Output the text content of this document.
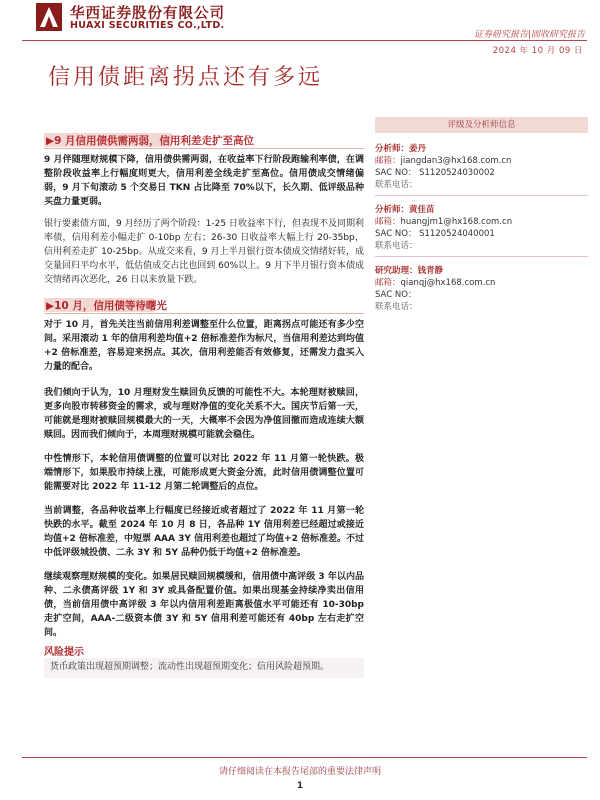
华西证券股份有限公司
HUAXI SECURITIES CO.,LTD.
证券研究报告|固收研究报告
2024 年 10 月 09 日
信用债距离拐点还有多远
▶9 月信用债供需两弱，信用利差走扩至高位

9 月伴随理财规模下降，信用债供需两弱，在收益率下行阶段跑输利率债，在调整阶段收益率上行幅度则更大，信用利差全线走扩至高位。信用债成交情绪偏弱，9 月下旬滚动 5 个交易日 TKN 占比降至 70%以下，长久期、低评级品种买盘力量更弱。

银行要素债方面，9 月经历了两个阶段：1-25 日收益率下行，但表现不及同期利率债，信用利差小幅走扩 0-10bp 左右；26-30 日收益率大幅上行 20-35bp，信用利差走扩 10-25bp。从成交来看，9 月上半月银行资本债成交情绪好转，成交量回归平均水平，低估值成交占比也回到 60%以上。9 月下半月银行资本债成交情绪再次恶化，26 日以来放量下跌。

▶10 月，信用债等待曙光

对于 10 月，首先关注当前信用利差调整至什么位置，距离拐点可能还有多少空间。采用滚动 1 年的信用利差均值+2 倍标准差作为标尺，当信用利差达到均值+2 倍标准差，容易迎来拐点。其次，信用利差能否有效修复，还需发力盘买入力量的配合。

我们倾向于认为，10 月理财发生赎回负反馈的可能性不大。本轮理财被赎回，更多向股市转移资金的需求，或与理财净值的变化关系不大。国庆节后第一天，可能就是理财被赎回规模最大的一天，大概率不会因为净值回撤而造成连续大额赎回。因而我们倾向于，本周理财规模可能就会稳住。

中性情形下，本轮信用债调整的位置可以对比 2022 年 11 月第一轮快跌。极端情形下，如果股市持续上涨，可能形成更大资金分流，此时信用债调整位置可能需要对比 2022 年 11-12 月第二轮调整后的点位。

当前调整，各品种收益率上行幅度已经接近或者超过了 2022 年 11 月第一轮快跌的水平。截至 2024 年 10 月 8 日，各品种 1Y 信用利差已经超过或接近均值+2 倍标准差，中短票 AAA 3Y 信用利差也超过了均值+2 倍标准差。不过中低评级城投债、二永 3Y 和 5Y 品种仍低于均值+2 倍标准差。

继续观察理财规模的变化。如果居民赎回规模缓和，信用债中高评级 3 年以内品种、二永债高评级 1Y 和 3Y 或具备配置价值。如果出现基金持续净卖出信用债，当前信用债中高评级 3 年以内信用利差距离极值水平可能还有 10-30bp 走扩空间，AAA-二级资本债 3Y 和 5Y 信用利差可能还有 40bp 左右走扩空间。

风险提示
货币政策出现超预期调整；流动性出现超预期变化；信用风险超预期。
评级及分析师信息
分析师：姜丹
邮箱：jiangdan3@hx168.com.cn
SAC NO： S1120524030002
联系电话：
分析师：黄佳苗
邮箱：huangjm1@hx168.com.cn
SAC NO： S1120524040001
联系电话：
研究助理：钱青静
邮箱：qianqj@hx168.com.cn
SAC NO：
联系电话：
请仔细阅读在本报告尾部的重要法律声明
1
